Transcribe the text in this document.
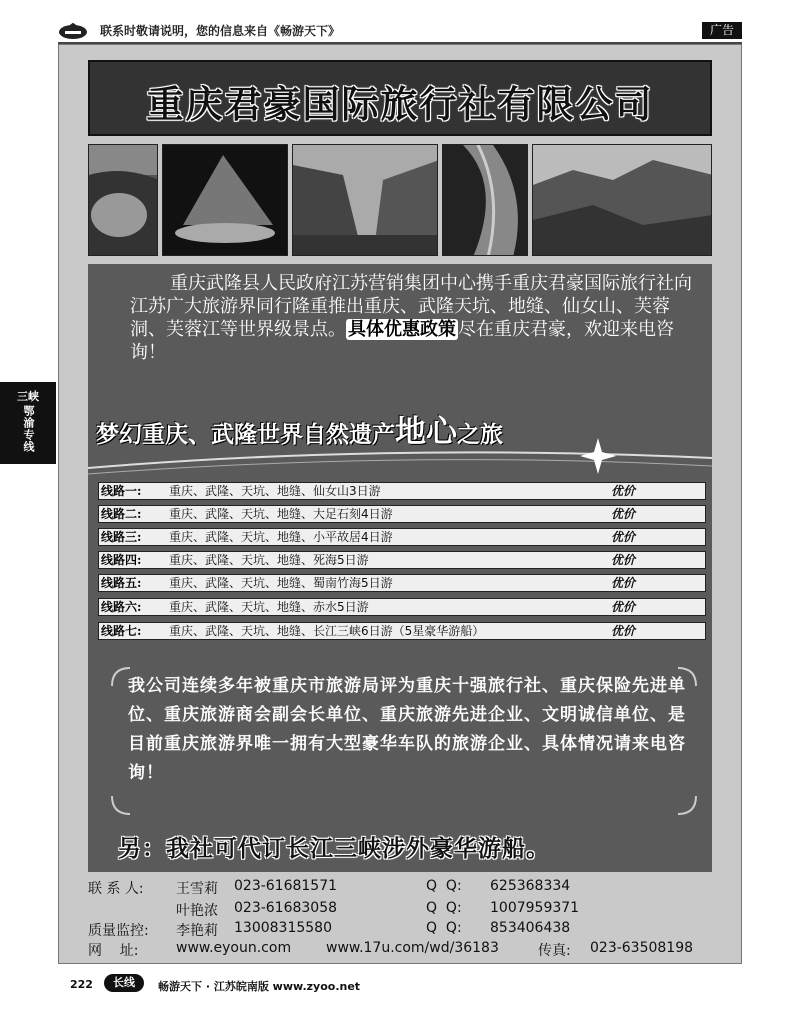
联系时敬请说明，您的信息来自《畅游天下》	广告
三峡
鄂渝专线
重庆君豪国际旅行社有限公司
重庆武隆县人民政府江苏营销集团中心携手重庆君豪国际旅行社向江苏广大旅游界同行隆重推出重庆、武隆天坑、地缝、仙女山、芙蓉洞、芙蓉江等世界级景点。 具体优惠政策 尽在重庆君豪，欢迎来电咨询！
梦幻重庆、武隆世界自然遗产地心之旅
线路一: 重庆、武隆、天坑、地缝、仙女山3日游	优价
线路二: 重庆、武隆、天坑、地缝、大足石刻4日游	优价
线路三: 重庆、武隆、天坑、地缝、小平故居4日游	优价
线路四: 重庆、武隆、天坑、地缝、死海5日游	优价
线路五: 重庆、武隆、天坑、地缝、蜀南竹海5日游	优价
线路六: 重庆、武隆、天坑、地缝、赤水5日游	优价
线路七: 重庆、武隆、天坑、地缝、长江三峡6日游（5星豪华游船）	优价
我公司连续多年被重庆市旅游局评为重庆十强旅行社、重庆保险先进单位、重庆旅游商会副会长单位、重庆旅游先进企业、文明诚信单位、是目前重庆旅游界唯一拥有大型豪华车队的旅游企业、具体情况请来电咨询！
另：我社可代订长江三峡涉外豪华游船。
联 系 人: 王雪莉 023-61681571	Q  Q: 625368334
叶艳浓 023-61683058	Q  Q: 1007959371
质量监控: 李艳莉 13008315580	Q  Q: 853406438
网    址:	www.eyoun.com www.17u.com/wd/36183	传真: 023-63508198
222	长线	畅游天下 · 江苏皖南版 www.zyoo.net
